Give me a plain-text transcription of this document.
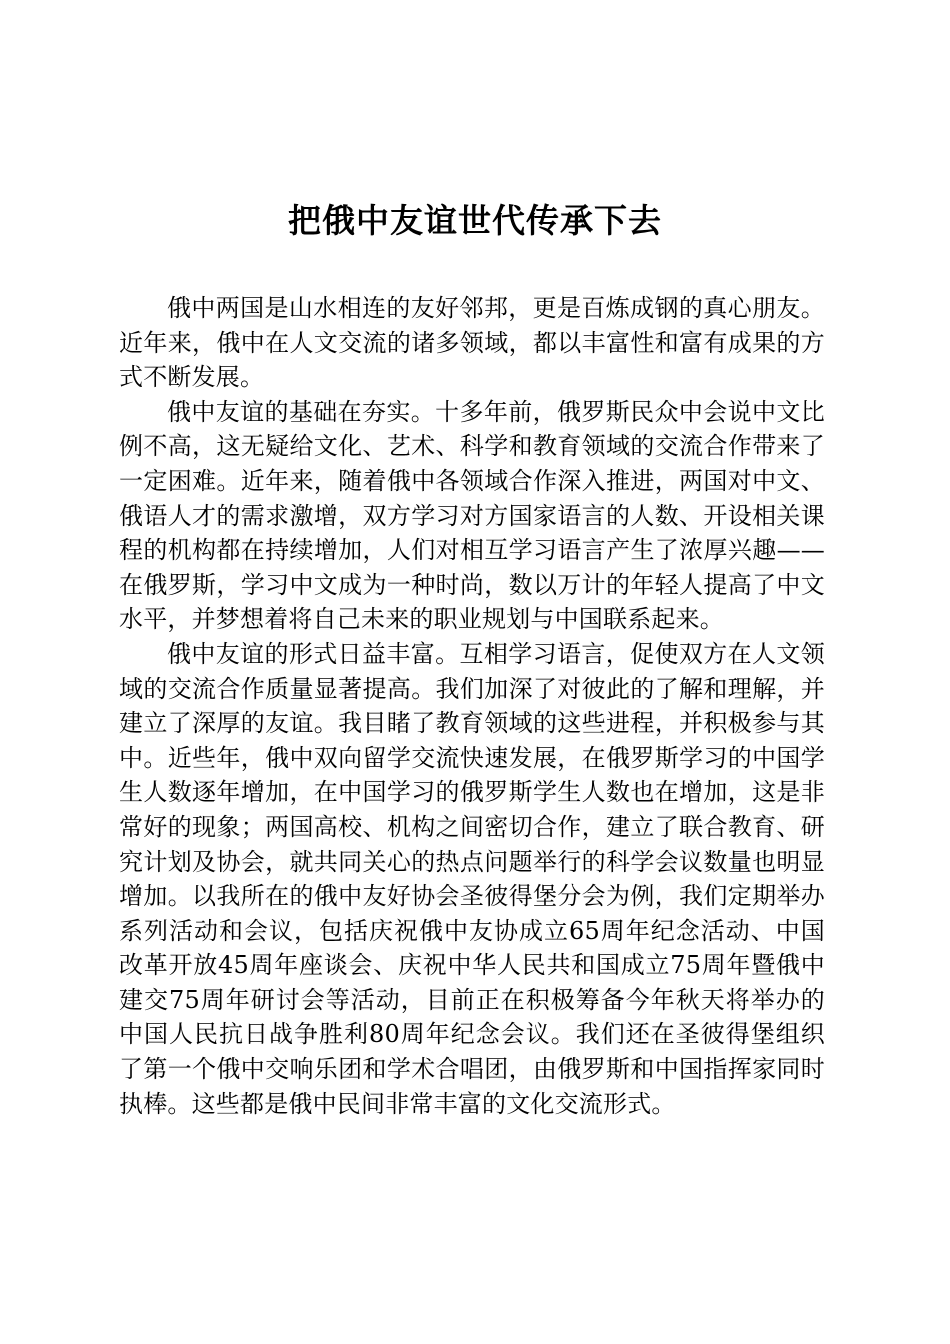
把俄中友谊世代传承下去

俄中两国是山水相连的友好邻邦，更是百炼成钢的真心朋友。近年来，俄中在人文交流的诸多领域，都以丰富性和富有成果的方式不断发展。

俄中友谊的基础在夯实。十多年前，俄罗斯民众中会说中文比例不高，这无疑给文化、艺术、科学和教育领域的交流合作带来了一定困难。近年来，随着俄中各领域合作深入推进，两国对中文、俄语人才的需求激增，双方学习对方国家语言的人数、开设相关课程的机构都在持续增加，人们对相互学习语言产生了浓厚兴趣——在俄罗斯，学习中文成为一种时尚，数以万计的年轻人提高了中文水平，并梦想着将自己未来的职业规划与中国联系起来。

俄中友谊的形式日益丰富。互相学习语言，促使双方在人文领域的交流合作质量显著提高。我们加深了对彼此的了解和理解，并建立了深厚的友谊。我目睹了教育领域的这些进程，并积极参与其中。近些年，俄中双向留学交流快速发展，在俄罗斯学习的中国学生人数逐年增加，在中国学习的俄罗斯学生人数也在增加，这是非常好的现象；两国高校、机构之间密切合作，建立了联合教育、研究计划及协会，就共同关心的热点问题举行的科学会议数量也明显增加。以我所在的俄中友好协会圣彼得堡分会为例，我们定期举办系列活动和会议，包括庆祝俄中友协成立65周年纪念活动、中国改革开放45周年座谈会、庆祝中华人民共和国成立75周年暨俄中建交75周年研讨会等活动，目前正在积极筹备今年秋天将举办的中国人民抗日战争胜利80周年纪念会议。我们还在圣彼得堡组织了第一个俄中交响乐团和学术合唱团，由俄罗斯和中国指挥家同时执棒。这些都是俄中民间非常丰富的文化交流形式。
